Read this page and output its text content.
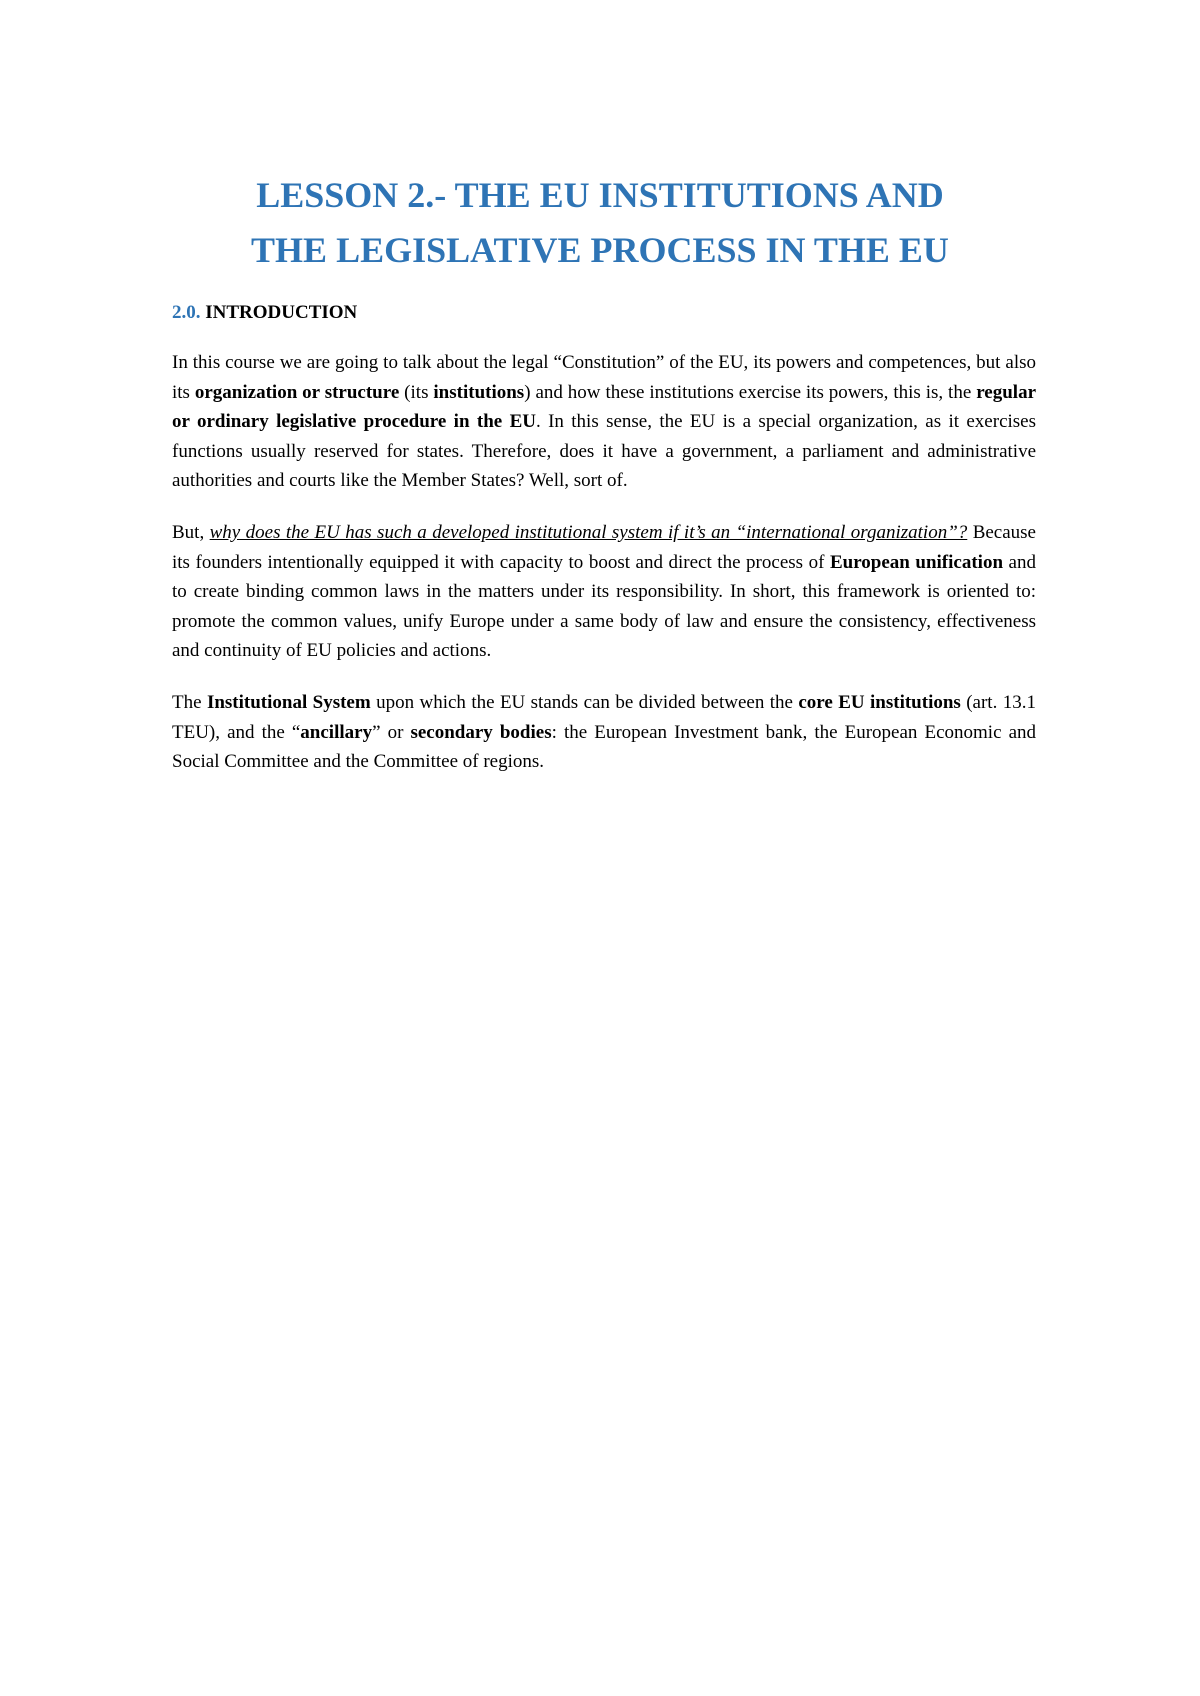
LESSON 2.- THE EU INSTITUTIONS AND
THE LEGISLATIVE PROCESS IN THE EU
2.0. INTRODUCTION

In this course we are going to talk about the legal “Constitution” of the EU, its powers and competences, but also its organization or structure (its institutions) and how these institutions exercise its powers, this is, the regular or ordinary legislative procedure in the EU. In this sense, the EU is a special organization, as it exercises functions usually reserved for states. Therefore, does it have a government, a parliament and administrative authorities and courts like the Member States? Well, sort of.

But, why does the EU has such a developed institutional system if it’s an “international organization”? Because its founders intentionally equipped it with capacity to boost and direct the process of European unification and to create binding common laws in the matters under its responsibility. In short, this framework is oriented to: promote the common values, unify Europe under a same body of law and ensure the consistency, effectiveness and continuity of EU policies and actions.

The Institutional System upon which the EU stands can be divided between the core EU institutions (art. 13.1 TEU), and the “ancillary” or secondary bodies: the European Investment bank, the European Economic and Social Committee and the Committee of regions.
